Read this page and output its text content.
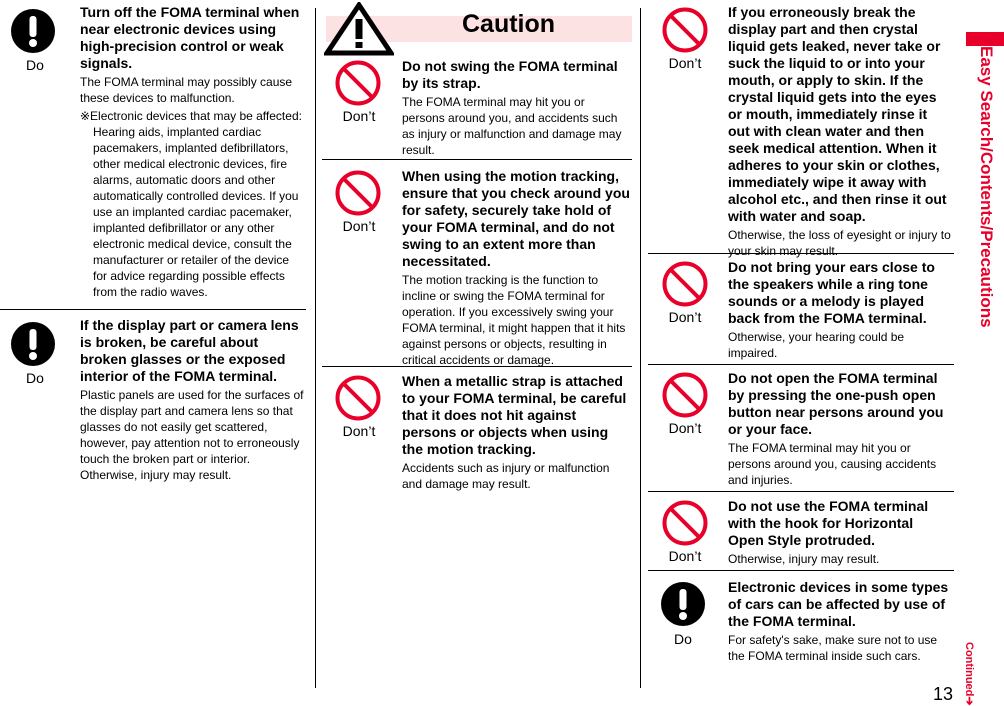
Easy Search/Contents/Precautions
Do

Turn off the FOMA terminal when near electronic devices using high-precision control or weak signals.

The FOMA terminal may possibly cause these devices to malfunction.

※Electronic devices that may be affected: Hearing aids, implanted cardiac pacemakers, implanted defibrillators, other medical electronic devices, fire alarms, automatic doors and other automatically controlled devices. If you use an implanted cardiac pacemaker, implanted defibrillator or any other electronic medical device, consult the manufacturer or retailer of the device for advice regarding possible effects from the radio waves.

Do

If the display part or camera lens is broken, be careful about broken glasses or the exposed interior of the FOMA terminal.

Plastic panels are used for the surfaces of the display part and camera lens so that glasses do not easily get scattered, however, pay attention not to erroneously touch the broken part or interior. Otherwise, injury may result.

Caution
Don’t

Do not swing the FOMA terminal by its strap.

The FOMA terminal may hit you or persons around you, and accidents such as injury or malfunction and damage may result.

Don’t

When using the motion tracking, ensure that you check around you for safety, securely take hold of your FOMA terminal, and do not swing to an extent more than necessitated.

The motion tracking is the function to incline or swing the FOMA terminal for operation. If you excessively swing your FOMA terminal, it might happen that it hits against persons or objects, resulting in critical accidents or damage.

Don’t

When a metallic strap is attached to your FOMA terminal, be careful that it does not hit against persons or objects when using the motion tracking.

Accidents such as injury or malfunction and damage may result.

Don’t

If you erroneously break the display part and then crystal liquid gets leaked, never take or suck the liquid to or into your mouth, or apply to skin. If the crystal liquid gets into the eyes or mouth, immediately rinse it out with clean water and then seek medical attention. When it adheres to your skin or clothes, immediately wipe it away with alcohol etc., and then rinse it out with water and soap.

Otherwise, the loss of eyesight or injury to your skin may result.

Don’t

Do not bring your ears close to the speakers while a ring tone sounds or a melody is played back from the FOMA terminal.

Otherwise, your hearing could be impaired.

Don’t

Do not open the FOMA terminal by pressing the one-push open button near persons around you or your face.

The FOMA terminal may hit you or persons around you, causing accidents and injuries.

Don’t

Do not use the FOMA terminal with the hook for Horizontal Open Style protruded.

Otherwise, injury may result.

Do

Electronic devices in some types of cars can be affected by use of the FOMA terminal.

For safety's sake, make sure not to use the FOMA terminal inside such cars.	Continued➔
13
